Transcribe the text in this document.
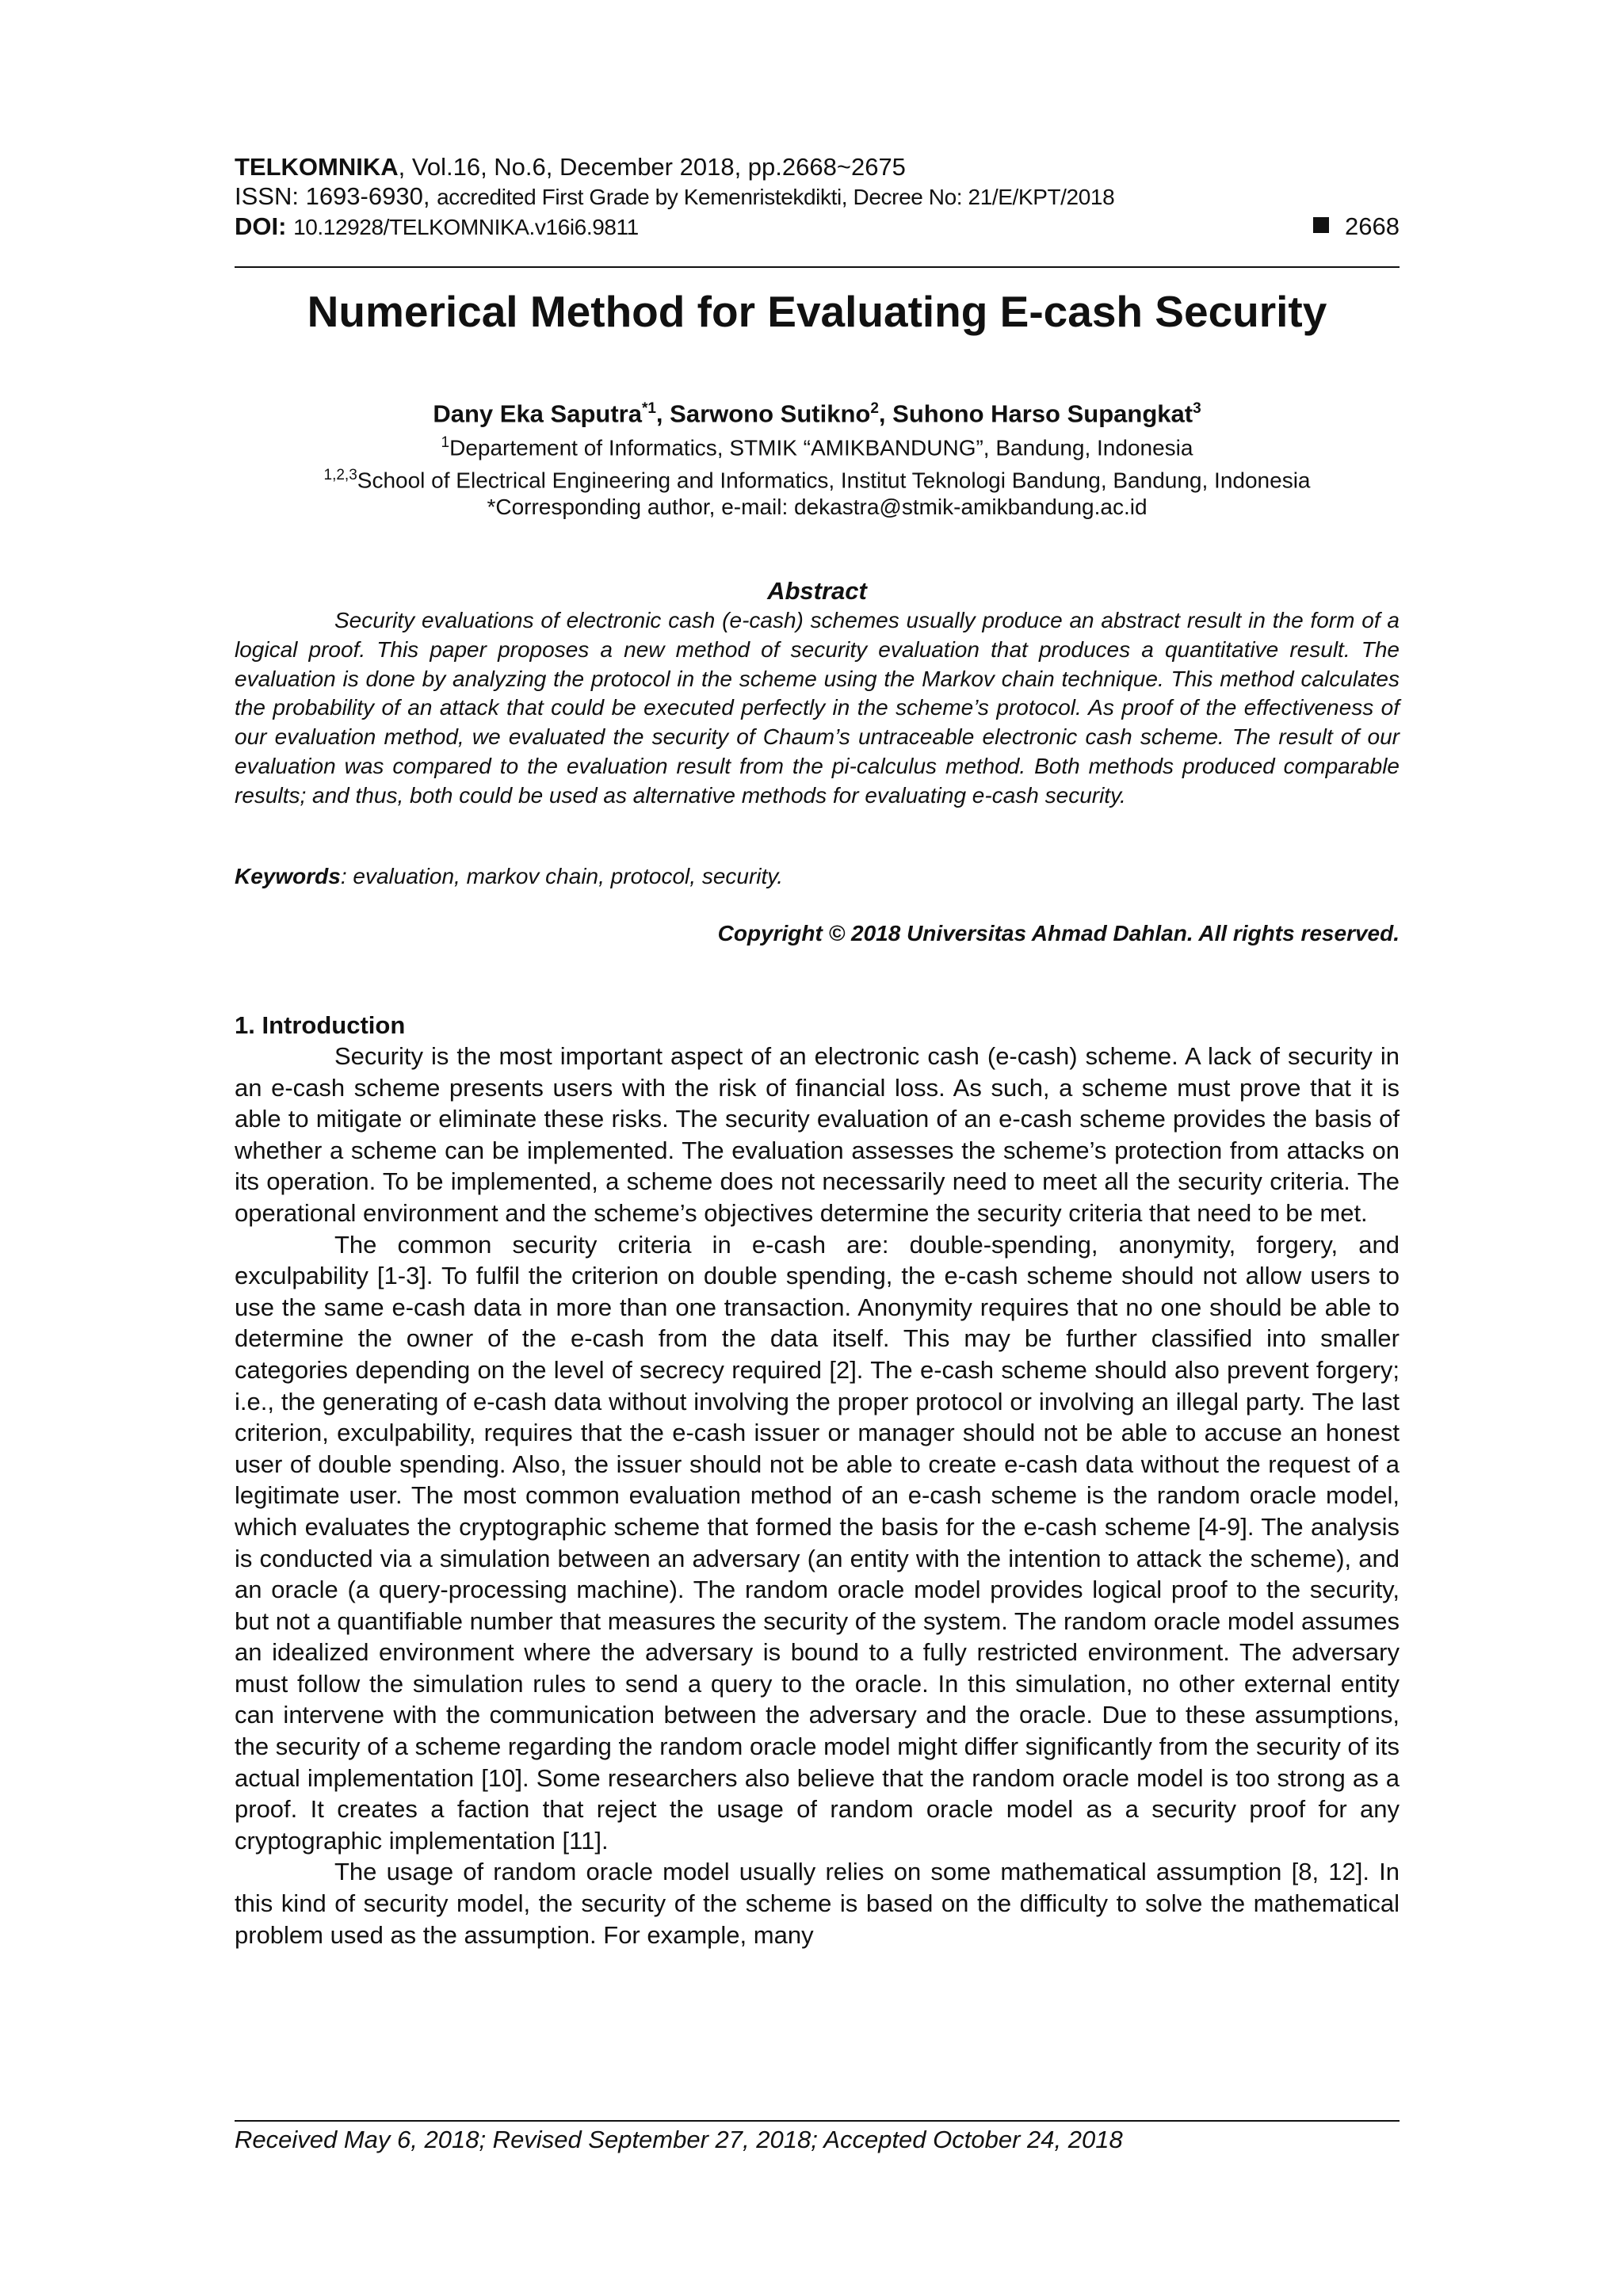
TELKOMNIKA, Vol.16, No.6, December 2018, pp.2668~2675
ISSN: 1693-6930, accredited First Grade by Kemenristekdikti, Decree No: 21/E/KPT/2018
DOI: 10.12928/TELKOMNIKA.v16i6.9811	2668
Numerical Method for Evaluating E-cash Security
Dany Eka Saputra$^{*1}$, Sarwono Sutikno$^2$, Suhono Harso Supangkat$^3$
$^1$Departement of Informatics, STMIK “AMIKBANDUNG”, Bandung, Indonesia
$^{1,2,3}$School of Electrical Engineering and Informatics, Institut Teknologi Bandung, Bandung, Indonesia
*Corresponding author, e-mail: dekastra@stmik-amikbandung.ac.id
Abstract

Security evaluations of electronic cash (e-cash) schemes usually produce an abstract result in the form of a logical proof. This paper proposes a new method of security evaluation that produces a quantitative result. The evaluation is done by analyzing the protocol in the scheme using the Markov chain technique. This method calculates the probability of an attack that could be executed perfectly in the scheme’s protocol. As proof of the effectiveness of our evaluation method, we evaluated the security of Chaum’s untraceable electronic cash scheme. The result of our evaluation was compared to the evaluation result from the pi-calculus method. Both methods produced comparable results; and thus, both could be used as alternative methods for evaluating e-cash security.

Keywords: evaluation, markov chain, protocol, security.

Copyright © 2018 Universitas Ahmad Dahlan. All rights reserved.

1. Introduction

Security is the most important aspect of an electronic cash (e-cash) scheme. A lack of security in an e-cash scheme presents users with the risk of financial loss. As such, a scheme must prove that it is able to mitigate or eliminate these risks. The security evaluation of an e-cash scheme provides the basis of whether a scheme can be implemented. The evaluation assesses the scheme’s protection from attacks on its operation. To be implemented, a scheme does not necessarily need to meet all the security criteria. The operational environment and the scheme’s objectives determine the security criteria that need to be met.

The common security criteria in e-cash are: double-spending, anonymity, forgery, and exculpability [1-3]. To fulfil the criterion on double spending, the e-cash scheme should not allow users to use the same e-cash data in more than one transaction. Anonymity requires that no one should be able to determine the owner of the e-cash from the data itself. This may be further classified into smaller categories depending on the level of secrecy required [2]. The e-cash scheme should also prevent forgery; i.e., the generating of e-cash data without involving the proper protocol or involving an illegal party. The last criterion, exculpability, requires that the e-cash issuer or manager should not be able to accuse an honest user of double spending. Also, the issuer should not be able to create e-cash data without the request of a legitimate user. The most common evaluation method of an e-cash scheme is the random oracle model, which evaluates the cryptographic scheme that formed the basis for the e-cash scheme [4-9]. The analysis is conducted via a simulation between an adversary (an entity with the intention to attack the scheme), and an oracle (a query-processing machine). The random oracle model provides logical proof to the security, but not a quantifiable number that measures the security of the system. The random oracle model assumes an idealized environment where the adversary is bound to a fully restricted environment. The adversary must follow the simulation rules to send a query to the oracle. In this simulation, no other external entity can intervene with the communication between the adversary and the oracle. Due to these assumptions, the security of a scheme regarding the random oracle model might differ significantly from the security of its actual implementation [10]. Some researchers also believe that the random oracle model is too strong as a proof. It creates a faction that reject the usage of random oracle model as a security proof for any cryptographic implementation [11].

The usage of random oracle model usually relies on some mathematical assumption [8, 12]. In this kind of security model, the security of the scheme is based on the difficulty to solve the mathematical problem used as the assumption. For example, many

Received May 6, 2018; Revised September 27, 2018; Accepted October 24, 2018
